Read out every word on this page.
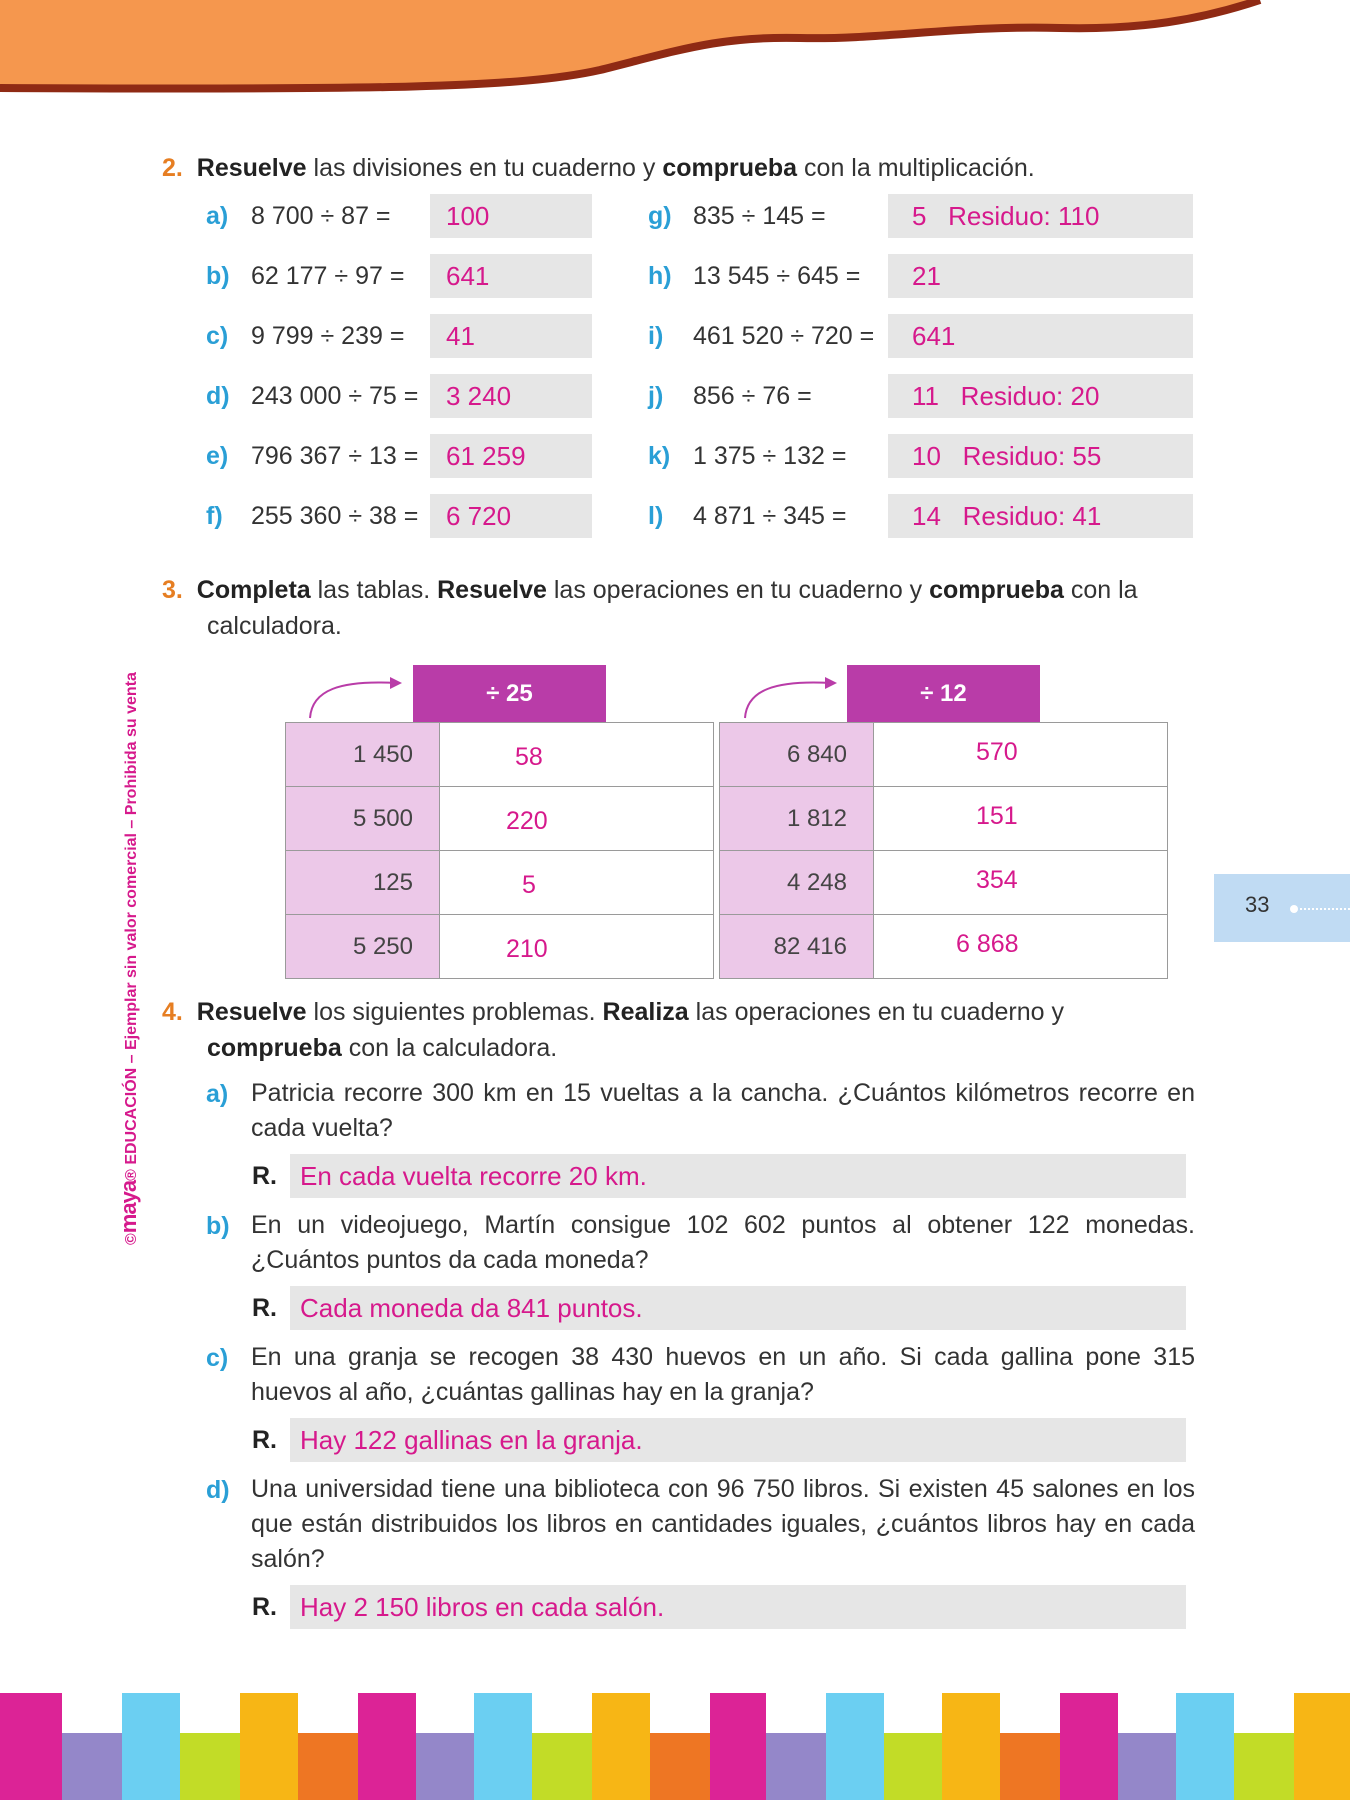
©maya® EDUCACIÓN – Ejemplar sin valor comercial – Prohibida su venta
2. Resuelve las divisiones en tu cuaderno y comprueba con la multiplicación.
a) 8 700 ÷ 87 = 100
b) 62 177 ÷ 97 = 641
c) 9 799 ÷ 239 = 41
d) 243 000 ÷ 75 = 3 240
e) 796 367 ÷ 13 = 61 259
f) 255 360 ÷ 38 = 6 720
g) 835 ÷ 145 =	5   Residuo: 110
h) 13 545 ÷ 645 = 21
i) 461 520 ÷ 720 = 641
j) 856 ÷ 76 =	11   Residuo: 20
k) 1 375 ÷ 132 =	10   Residuo: 55
l) 4 871 ÷ 345 =	14   Residuo: 41
3. Completa las tablas. Resuelve las operaciones en tu cuaderno y comprueba con la
calculadora.
÷ 25
1 450	58
5 500	220
125	5
5 250	210
÷ 12
6 840	570
1 812	151
4 248	354
82 416	6 868
33
4. Resuelve los siguientes problemas. Realiza las operaciones en tu cuaderno y
comprueba con la calculadora.
a) Patricia recorre 300 km en 15 vueltas a la cancha. ¿Cuántos kilómetros recorre en cada vuelta?
R. En cada vuelta recorre 20 km.
b) En un videojuego, Martín consigue 102 602 puntos al obtener 122 monedas. ¿Cuántos puntos da cada moneda?
R. Cada moneda da 841 puntos.
c) En una granja se recogen 38 430 huevos en un año. Si cada gallina pone 315 huevos al año, ¿cuántas gallinas hay en la granja?
R. Hay 122 gallinas en la granja.
d) Una universidad tiene una biblioteca con 96 750 libros. Si existen 45 salones en los que están distribuidos los libros en cantidades iguales, ¿cuántos libros hay en cada salón?
R. Hay 2 150 libros en cada salón.
